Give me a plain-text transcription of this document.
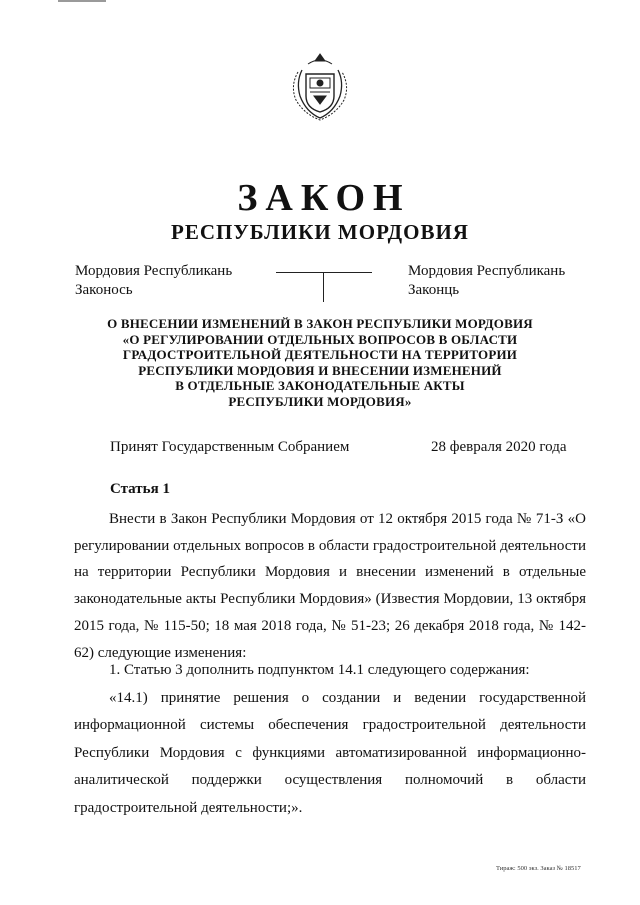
ЗАКОН
РЕСПУБЛИКИ МОРДОВИЯ
Мордовия Республикань
Законось
Мордовия Республикань
Законць
О ВНЕСЕНИИ ИЗМЕНЕНИЙ В ЗАКОН РЕСПУБЛИКИ МОРДОВИЯ
«О РЕГУЛИРОВАНИИ ОТДЕЛЬНЫХ ВОПРОСОВ В ОБЛАСТИ
ГРАДОСТРОИТЕЛЬНОЙ ДЕЯТЕЛЬНОСТИ НА ТЕРРИТОРИИ
РЕСПУБЛИКИ МОРДОВИЯ И ВНЕСЕНИИ ИЗМЕНЕНИЙ
В ОТДЕЛЬНЫЕ ЗАКОНОДАТЕЛЬНЫЕ АКТЫ
РЕСПУБЛИКИ МОРДОВИЯ»
Принят Государственным Собранием	28 февраля 2020 года
Статья 1
Внести в Закон Республики Мордовия от 12 октября 2015 года № 71-З «О регулировании отдельных вопросов в области градостроительной деятельности на территории Республики Мордовия и внесении изменений в отдельные законодательные акты Республики Мордовия» (Известия Мордовии, 13 октября 2015 года, № 115-50; 18 мая 2018 года, № 51-23; 26 декабря 2018 года, № 142-62) следующие изменения:
1. Статью 3 дополнить подпунктом 14.1 следующего содержания:
«14.1) принятие решения о создании и ведении государственной
информационной системы обеспечения градостроительной деятельности
Республики Мордовия с функциями автоматизированной информационно-
аналитической поддержки осуществления полномочий в области
градостроительной деятельности;».
Тираж: 500 экз. Заказ № 18517
